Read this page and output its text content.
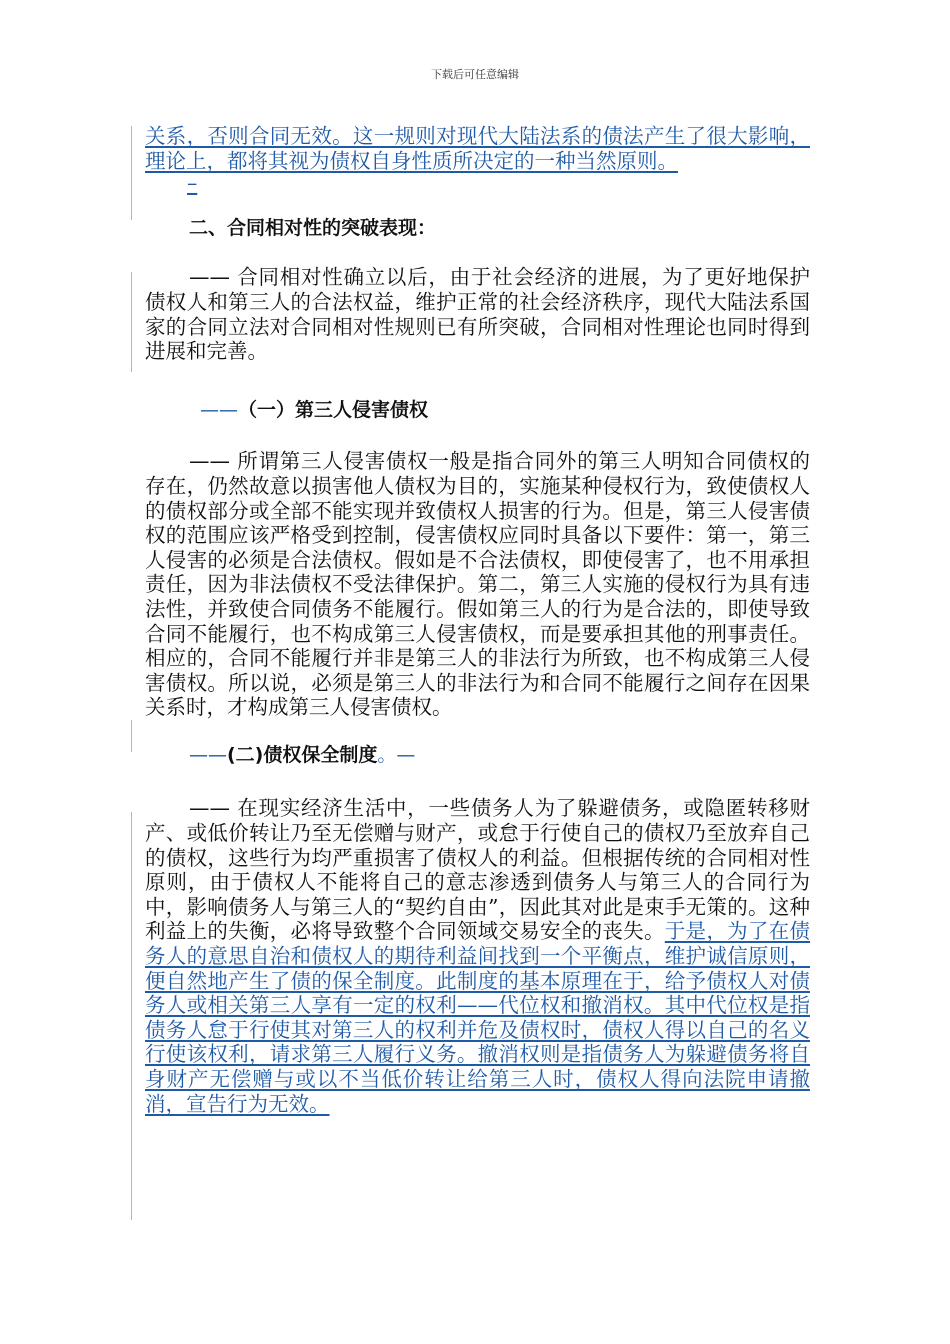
下载后可任意编辑

关系，否则合同无效。这一规则对现代大陆法系的债法产生了很大影响，理论上，都将其视为债权自身性质所决定的一种当然原则。

–

二、合同相对性的突破表现：

—— 合同相对性确立以后，由于社会经济的进展，为了更好地保护债权人和第三人的合法权益，维护正常的社会经济秩序，现代大陆法系国家的合同立法对合同相对性规则已有所突破，合同相对性理论也同时得到进展和完善。

——（一）第三人侵害债权

—— 所谓第三人侵害债权一般是指合同外的第三人明知合同债权的存在，仍然故意以损害他人债权为目的，实施某种侵权行为，致使债权人的债权部分或全部不能实现并致债权人损害的行为。但是，第三人侵害债权的范围应该严格受到控制，侵害债权应同时具备以下要件：第一，第三人侵害的必须是合法债权。假如是不合法债权，即使侵害了，也不用承担责任，因为非法债权不受法律保护。第二，第三人实施的侵权行为具有违法性，并致使合同债务不能履行。假如第三人的行为是合法的，即使导致合同不能履行，也不构成第三人侵害债权，而是要承担其他的刑事责任。相应的，合同不能履行并非是第三人的非法行为所致，也不构成第三人侵害债权。所以说，必须是第三人的非法行为和合同不能履行之间存在因果关系时，才构成第三人侵害债权。

——(二)债权保全制度。—

—— 在现实经济生活中，一些债务人为了躲避债务，或隐匿转移财产、或低价转让乃至无偿赠与财产，或怠于行使自己的债权乃至放弃自己的债权，这些行为均严重损害了债权人的利益。但根据传统的合同相对性原则，由于债权人不能将自己的意志渗透到债务人与第三人的合同行为中，影响债务人与第三人的“契约自由”，因此其对此是束手无策的。这种利益上的失衡，必将导致整个合同领域交易安全的丧失。于是，为了在债务人的意思自治和债权人的期待利益间找到一个平衡点，维护诚信原则，便自然地产生了债的保全制度。此制度的基本原理在于，给予债权人对债务人或相关第三人享有一定的权利——代位权和撤消权。其中代位权是指债务人怠于行使其对第三人的权利并危及债权时，债权人得以自己的名义行使该权利，请求第三人履行义务。撤消权则是指债务人为躲避债务将自身财产无偿赠与或以不当低价转让给第三人时，债权人得向法院申请撤消，宣告行为无效。
